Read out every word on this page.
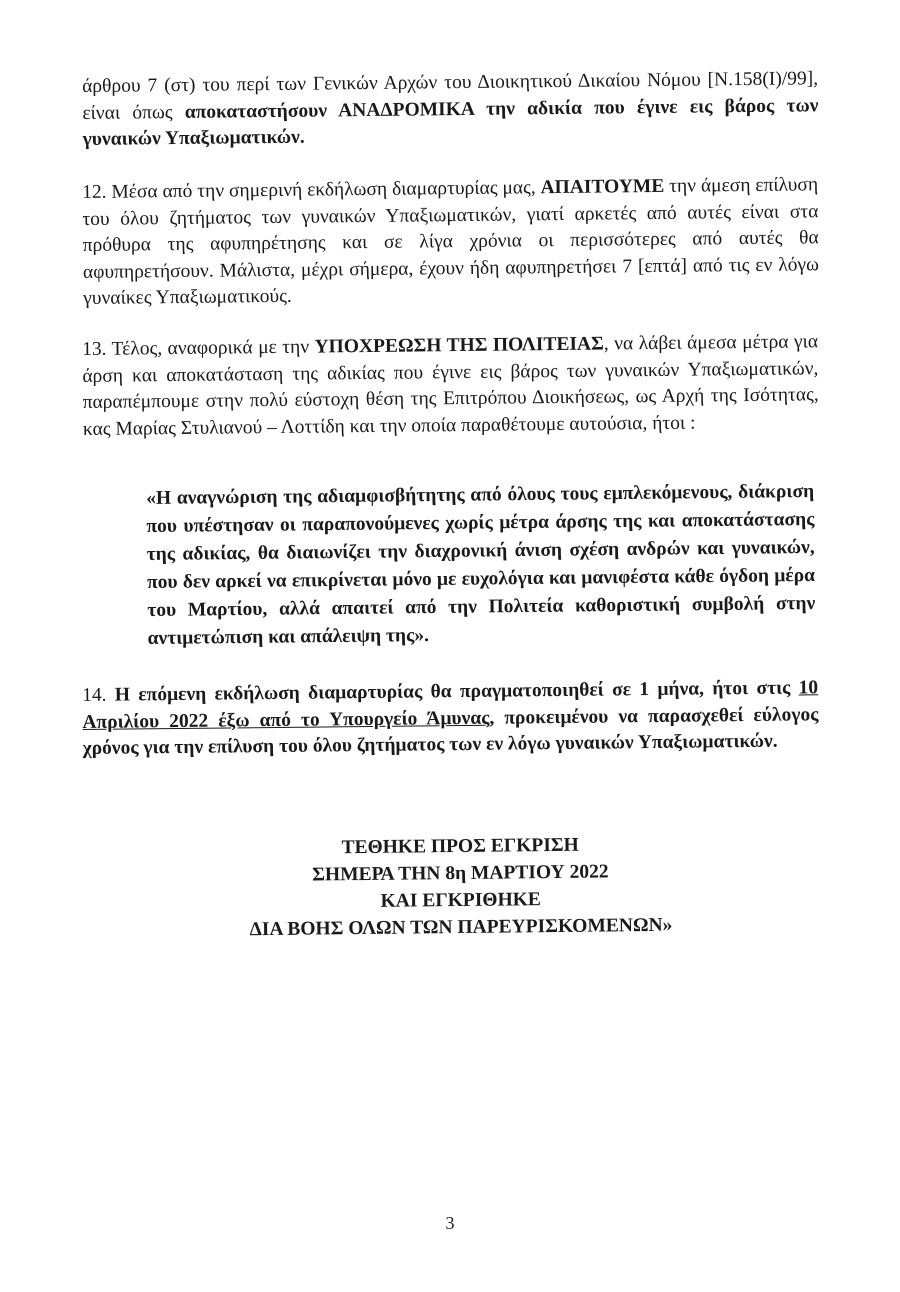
άρθρου 7 (στ) του περί των Γενικών Αρχών του Διοικητικού Δικαίου Νόμου [Ν.158(Ι)/99], είναι όπως αποκαταστήσουν ΑΝΑΔΡΟΜΙΚΑ την αδικία που έγινε εις βάρος των γυναικών Υπαξιωματικών.
12. Μέσα από την σημερινή εκδήλωση διαμαρτυρίας μας, ΑΠΑΙΤΟΥΜΕ την άμεση επίλυση του όλου ζητήματος των γυναικών Υπαξιωματικών, γιατί αρκετές από αυτές είναι στα πρόθυρα της αφυπηρέτησης και σε λίγα χρόνια οι περισσότερες από αυτές θα αφυπηρετήσουν. Μάλιστα, μέχρι σήμερα, έχουν ήδη αφυπηρετήσει 7 [επτά] από τις εν λόγω γυναίκες Υπαξιωματικούς.
13. Τέλος, αναφορικά με την ΥΠΟΧΡΕΩΣΗ ΤΗΣ ΠΟΛΙΤΕΙΑΣ, να λάβει άμεσα μέτρα για άρση και αποκατάσταση της αδικίας που έγινε εις βάρος των γυναικών Υπαξιωματικών, παραπέμπουμε στην πολύ εύστοχη θέση της Επιτρόπου Διοικήσεως, ως Αρχή της Ισότητας, κας Μαρίας Στυλιανού – Λοττίδη και την οποία παραθέτουμε αυτούσια, ήτοι :
«Η αναγνώριση της αδιαμφισβήτητης από όλους τους εμπλεκόμενους, διάκριση που υπέστησαν οι παραπονούμενες χωρίς μέτρα άρσης της και αποκατάστασης της αδικίας, θα διαιωνίζει την διαχρονική άνιση σχέση ανδρών και γυναικών, που δεν αρκεί να επικρίνεται μόνο με ευχολόγια και μανιφέστα κάθε όγδοη μέρα του Μαρτίου, αλλά απαιτεί από την Πολιτεία καθοριστική συμβολή στην αντιμετώπιση και απάλειψη της».
14. Η επόμενη εκδήλωση διαμαρτυρίας θα πραγματοποιηθεί σε 1 μήνα, ήτοι στις 10 Απριλίου 2022 έξω από το Υπουργείο Άμυνας, προκειμένου να παρασχεθεί εύλογος χρόνος για την επίλυση του όλου ζητήματος των εν λόγω γυναικών Υπαξιωματικών.
ΤΕΘΗΚΕ ΠΡΟΣ ΕΓΚΡΙΣΗ
ΣΗΜΕΡΑ ΤΗΝ 8η ΜΑΡΤΙΟΥ 2022
ΚΑΙ ΕΓΚΡΙΘΗΚΕ
ΔΙΑ ΒΟΗΣ ΟΛΩΝ ΤΩΝ ΠΑΡΕΥΡΙΣΚΟΜΕΝΩΝ»
3
